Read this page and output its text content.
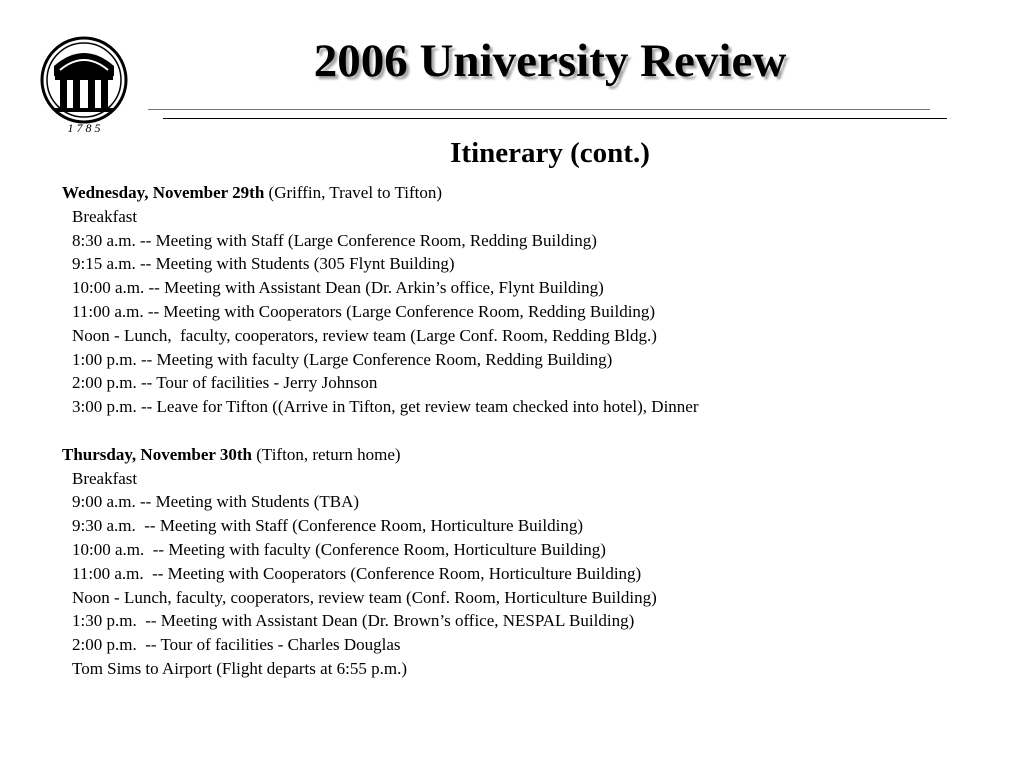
1 7 8 5
2006 University Review
Itinerary (cont.)
Wednesday, November 29th (Griffin, Travel to Tifton)
Breakfast
8:30 a.m. -- Meeting with Staff (Large Conference Room, Redding Building)
9:15 a.m. -- Meeting with Students (305 Flynt Building)
10:00 a.m. -- Meeting with Assistant Dean (Dr. Arkin’s office, Flynt Building)
11:00 a.m. -- Meeting with Cooperators (Large Conference Room, Redding Building)
Noon - Lunch,  faculty, cooperators, review team (Large Conf. Room, Redding Bldg.)
1:00 p.m. -- Meeting with faculty (Large Conference Room, Redding Building)
2:00 p.m. -- Tour of facilities - Jerry Johnson
3:00 p.m. -- Leave for Tifton ((Arrive in Tifton, get review team checked into hotel), Dinner
Thursday, November 30th (Tifton, return home)
Breakfast
9:00 a.m. -- Meeting with Students (TBA)
9:30 a.m.  -- Meeting with Staff (Conference Room, Horticulture Building)
10:00 a.m.  -- Meeting with faculty (Conference Room, Horticulture Building)
11:00 a.m.  -- Meeting with Cooperators (Conference Room, Horticulture Building)
Noon - Lunch, faculty, cooperators, review team (Conf. Room, Horticulture Building)
1:30 p.m.  -- Meeting with Assistant Dean (Dr. Brown’s office, NESPAL Building)
2:00 p.m.  -- Tour of facilities - Charles Douglas
Tom Sims to Airport (Flight departs at 6:55 p.m.)
